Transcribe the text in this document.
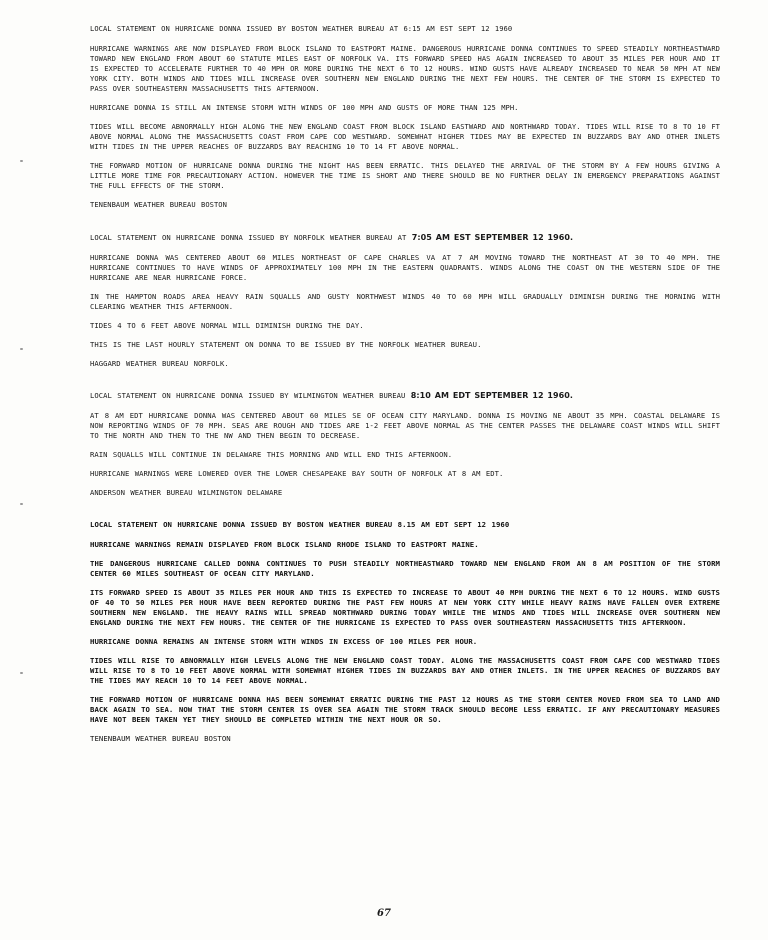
LOCAL STATEMENT ON HURRICANE DONNA ISSUED BY BOSTON WEATHER BUREAU AT 6:15 AM EST SEPT 12 1960

HURRICANE WARNINGS ARE NOW DISPLAYED FROM BLOCK ISLAND TO EASTPORT MAINE. DANGEROUS HURRICANE DONNA CONTINUES TO SPEED STEADILY NORTHEASTWARD TOWARD NEW ENGLAND FROM ABOUT 60 STATUTE MILES EAST OF NORFOLK VA. ITS FORWARD SPEED HAS AGAIN INCREASED TO ABOUT 35 MILES PER HOUR AND IT IS EXPECTED TO ACCELERATE FURTHER TO 40 MPH OR MORE DURING THE NEXT 6 TO 12 HOURS. WIND GUSTS HAVE ALREADY INCREASED TO NEAR 50 MPH AT NEW YORK CITY. BOTH WINDS AND TIDES WILL INCREASE OVER SOUTHERN NEW ENGLAND DURING THE NEXT FEW HOURS. THE CENTER OF THE STORM IS EXPECTED TO PASS OVER SOUTHEASTERN MASSACHUSETTS THIS AFTERNOON.

HURRICANE DONNA IS STILL AN INTENSE STORM WITH WINDS OF 100 MPH AND GUSTS OF MORE THAN 125 MPH.

TIDES WILL BECOME ABNORMALLY HIGH ALONG THE NEW ENGLAND COAST FROM BLOCK ISLAND EASTWARD AND NORTHWARD TODAY. TIDES WILL RISE TO 8 TO 10 FT ABOVE NORMAL ALONG THE MASSACHUSETTS COAST FROM CAPE COD WESTWARD. SOMEWHAT HIGHER TIDES MAY BE EXPECTED IN BUZZARDS BAY AND OTHER INLETS WITH TIDES IN THE UPPER REACHES OF BUZZARDS BAY REACHING 10 TO 14 FT ABOVE NORMAL.

THE FORWARD MOTION OF HURRICANE DONNA DURING THE NIGHT HAS BEEN ERRATIC. THIS DELAYED THE ARRIVAL OF THE STORM BY A FEW HOURS GIVING A LITTLE MORE TIME FOR PRECAUTIONARY ACTION. HOWEVER THE TIME IS SHORT AND THERE SHOULD BE NO FURTHER DELAY IN EMERGENCY PREPARATIONS AGAINST THE FULL EFFECTS OF THE STORM.

TENENBAUM WEATHER BUREAU BOSTON

LOCAL STATEMENT ON HURRICANE DONNA ISSUED BY NORFOLK WEATHER BUREAU AT 7:05 AM EST SEPTEMBER 12 1960.

HURRICANE DONNA WAS CENTERED ABOUT 60 MILES NORTHEAST OF CAPE CHARLES VA AT 7 AM MOVING TOWARD THE NORTHEAST AT 30 TO 40 MPH. THE HURRICANE CONTINUES TO HAVE WINDS OF APPROXIMATELY 100 MPH IN THE EASTERN QUADRANTS. WINDS ALONG THE COAST ON THE WESTERN SIDE OF THE HURRICANE ARE NEAR HURRICANE FORCE.

IN THE HAMPTON ROADS AREA HEAVY RAIN SQUALLS AND GUSTY NORTHWEST WINDS 40 TO 60 MPH WILL GRADUALLY DIMINISH DURING THE MORNING WITH CLEARING WEATHER THIS AFTERNOON.

TIDES 4 TO 6 FEET ABOVE NORMAL WILL DIMINISH DURING THE DAY.

THIS IS THE LAST HOURLY STATEMENT ON DONNA TO BE ISSUED BY THE NORFOLK WEATHER BUREAU.

HAGGARD WEATHER BUREAU NORFOLK.

LOCAL STATEMENT ON HURRICANE DONNA ISSUED BY WILMINGTON WEATHER BUREAU 8:10 AM EDT SEPTEMBER 12 1960.

AT 8 AM EDT HURRICANE DONNA WAS CENTERED ABOUT 60 MILES SE OF OCEAN CITY MARYLAND. DONNA IS MOVING NE ABOUT 35 MPH. COASTAL DELAWARE IS NOW REPORTING WINDS OF 70 MPH. SEAS ARE ROUGH AND TIDES ARE 1-2 FEET ABOVE NORMAL AS THE CENTER PASSES THE DELAWARE COAST WINDS WILL SHIFT TO THE NORTH AND THEN TO THE NW AND THEN BEGIN TO DECREASE.

RAIN SQUALLS WILL CONTINUE IN DELAWARE THIS MORNING AND WILL END THIS AFTERNOON.

HURRICANE WARNINGS WERE LOWERED OVER THE LOWER CHESAPEAKE BAY SOUTH OF NORFOLK AT 8 AM EDT.

ANDERSON WEATHER BUREAU WILMINGTON DELAWARE

LOCAL STATEMENT ON HURRICANE DONNA ISSUED BY BOSTON WEATHER BUREAU 8.15 AM EDT SEPT 12 1960

HURRICANE WARNINGS REMAIN DISPLAYED FROM BLOCK ISLAND RHODE ISLAND TO EASTPORT MAINE.

THE DANGEROUS HURRICANE CALLED DONNA CONTINUES TO PUSH STEADILY NORTHEASTWARD TOWARD NEW ENGLAND FROM AN 8 AM POSITION OF THE STORM CENTER 60 MILES SOUTHEAST OF OCEAN CITY MARYLAND.

ITS FORWARD SPEED IS ABOUT 35 MILES PER HOUR AND THIS IS EXPECTED TO INCREASE TO ABOUT 40 MPH DURING THE NEXT 6 TO 12 HOURS. WIND GUSTS OF 40 TO 50 MILES PER HOUR HAVE BEEN REPORTED DURING THE PAST FEW HOURS AT NEW YORK CITY WHILE HEAVY RAINS HAVE FALLEN OVER EXTREME SOUTHERN NEW ENGLAND. THE HEAVY RAINS WILL SPREAD NORTHWARD DURING TODAY WHILE THE WINDS AND TIDES WILL INCREASE OVER SOUTHERN NEW ENGLAND DURING THE NEXT FEW HOURS. THE CENTER OF THE HURRICANE IS EXPECTED TO PASS OVER SOUTHEASTERN MASSACHUSETTS THIS AFTERNOON.

HURRICANE DONNA REMAINS AN INTENSE STORM WITH WINDS IN EXCESS OF 100 MILES PER HOUR.

TIDES WILL RISE TO ABNORMALLY HIGH LEVELS ALONG THE NEW ENGLAND COAST TODAY. ALONG THE MASSACHUSETTS COAST FROM CAPE COD WESTWARD TIDES WILL RISE TO 8 TO 10 FEET ABOVE NORMAL WITH SOMEWHAT HIGHER TIDES IN BUZZARDS BAY AND OTHER INLETS. IN THE UPPER REACHES OF BUZZARDS BAY THE TIDES MAY REACH 10 TO 14 FEET ABOVE NORMAL.

THE FORWARD MOTION OF HURRICANE DONNA HAS BEEN SOMEWHAT ERRATIC DURING THE PAST 12 HOURS AS THE STORM CENTER MOVED FROM SEA TO LAND AND BACK AGAIN TO SEA. NOW THAT THE STORM CENTER IS OVER SEA AGAIN THE STORM TRACK SHOULD BECOME LESS ERRATIC. IF ANY PRECAUTIONARY MEASURES HAVE NOT BEEN TAKEN YET THEY SHOULD BE COMPLETED WITHIN THE NEXT HOUR OR SO.

TENENBAUM WEATHER BUREAU BOSTON

67
